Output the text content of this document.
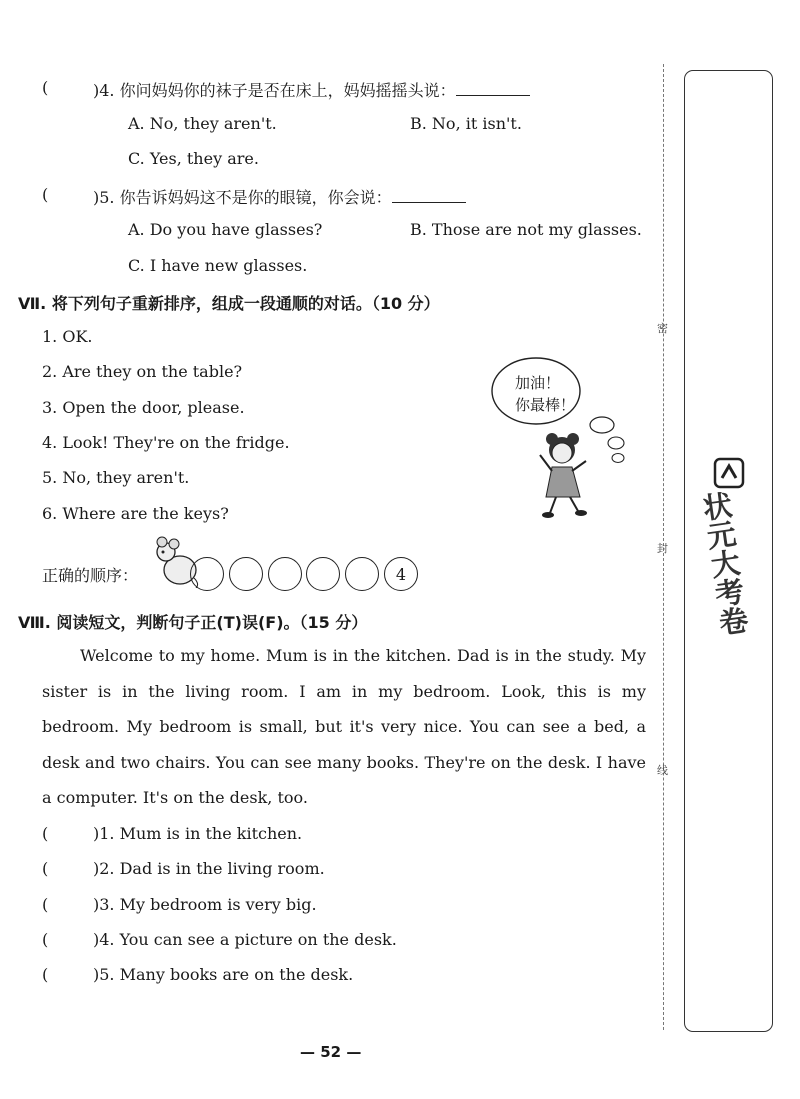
(	)4. 你问妈妈你的袜子是否在床上，妈妈摇摇头说：
A. No, they aren't.	B. No, it isn't.
C. Yes, they are.
(	)5. 你告诉妈妈这不是你的眼镜，你会说：
A. Do you have glasses?	B. Those are not my glasses.
C. I have new glasses.
Ⅶ. 将下列句子重新排序，组成一段通顺的对话。（10 分）
1. OK.
2. Are they on the table?
3. Open the door, please.
4. Look! They're on the fridge.
5. No, they aren't.
6. Where are the keys?
加油！
你最棒！
正确的顺序：	4
Ⅷ. 阅读短文，判断句子正(T)误(F)。（15 分）

Welcome to my home. Mum is in the kitchen. Dad is in the study. My sister is in the living room. I am in my bedroom. Look, this is my bedroom. My bedroom is small, but it's very nice. You can see a bed, a desk and two chairs. You can see many books. They're on the desk. I have a computer. It's on the desk, too.

(	)1. Mum is in the kitchen.
(	)2. Dad is in the living room.
(	)3. My bedroom is very big.
(	)4. You can see a picture on the desk.
(	)5. Many books are on the desk.
— 52 —
密
封
线
状元大考卷
